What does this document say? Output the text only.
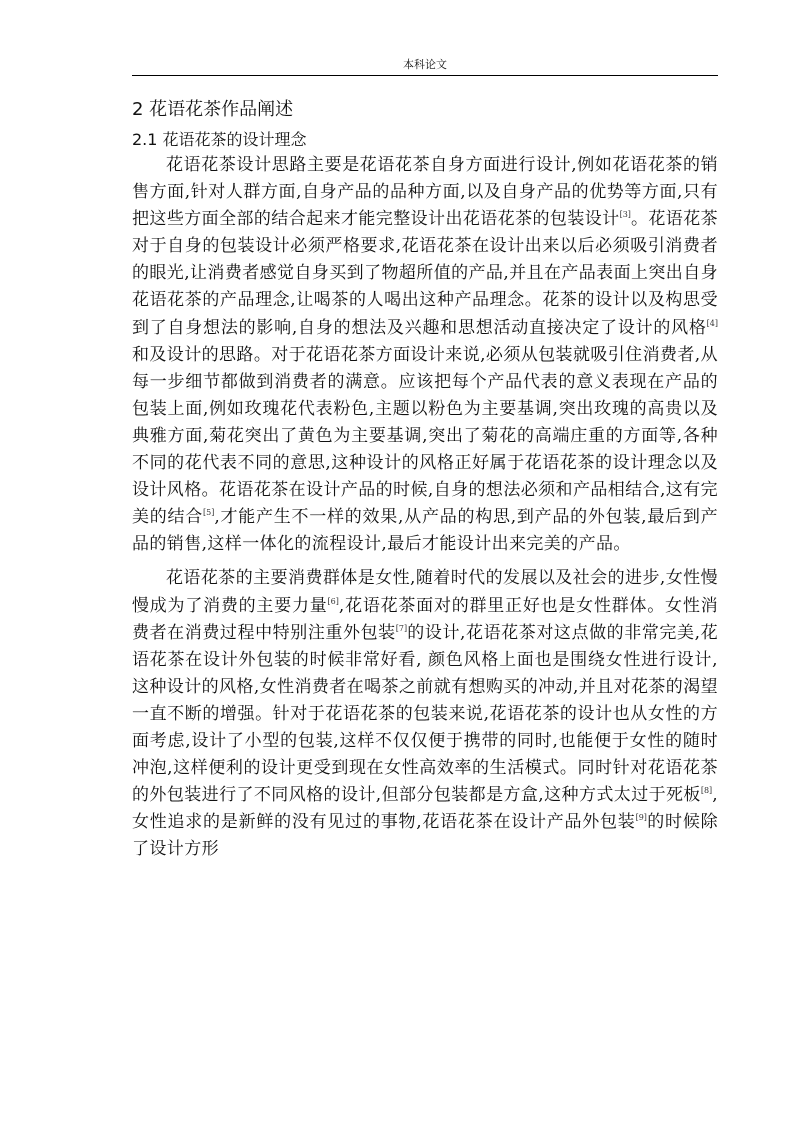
本科论文
2 花语花茶作品阐述
2.1 花语花茶的设计理念

花语花茶设计思路主要是花语花茶自身方面进行设计,例如花语花茶的销售方面,针对人群方面,自身产品的品种方面,以及自身产品的优势等方面,只有把这些方面全部的结合起来才能完整设计出花语花茶的包装设计[3]。花语花茶对于自身的包装设计必须严格要求,花语花茶在设计出来以后必须吸引消费者的眼光,让消费者感觉自身买到了物超所值的产品,并且在产品表面上突出自身花语花茶的产品理念,让喝茶的人喝出这种产品理念。花茶的设计以及构思受到了自身想法的影响,自身的想法及兴趣和思想活动直接决定了设计的风格[4]和及设计的思路。对于花语花茶方面设计来说,必须从包装就吸引住消费者,从每一步细节都做到消费者的满意。应该把每个产品代表的意义表现在产品的包装上面,例如玫瑰花代表粉色,主题以粉色为主要基调,突出玫瑰的高贵以及典雅方面,菊花突出了黄色为主要基调,突出了菊花的高端庄重的方面等,各种不同的花代表不同的意思,这种设计的风格正好属于花语花茶的设计理念以及设计风格。花语花茶在设计产品的时候,自身的想法必须和产品相结合,这有完美的结合[5],才能产生不一样的效果,从产品的构思,到产品的外包装,最后到产品的销售,这样一体化的流程设计,最后才能设计出来完美的产品。

花语花茶的主要消费群体是女性,随着时代的发展以及社会的进步,女性慢慢成为了消费的主要力量[6],花语花茶面对的群里正好也是女性群体。女性消费者在消费过程中特别注重外包装[7]的设计,花语花茶对这点做的非常完美,花语花茶在设计外包装的时候非常好看, 颜色风格上面也是围绕女性进行设计,这种设计的风格,女性消费者在喝茶之前就有想购买的冲动,并且对花茶的渴望一直不断的增强。针对于花语花茶的包装来说,花语花茶的设计也从女性的方面考虑,设计了小型的包装,这样不仅仅便于携带的同时,也能便于女性的随时冲泡,这样便利的设计更受到现在女性高效率的生活模式。同时针对花语花茶的外包装进行了不同风格的设计,但部分包装都是方盒,这种方式太过于死板[8], 女性追求的是新鲜的没有见过的事物,花语花茶在设计产品外包装[9]的时候除了设计方形
